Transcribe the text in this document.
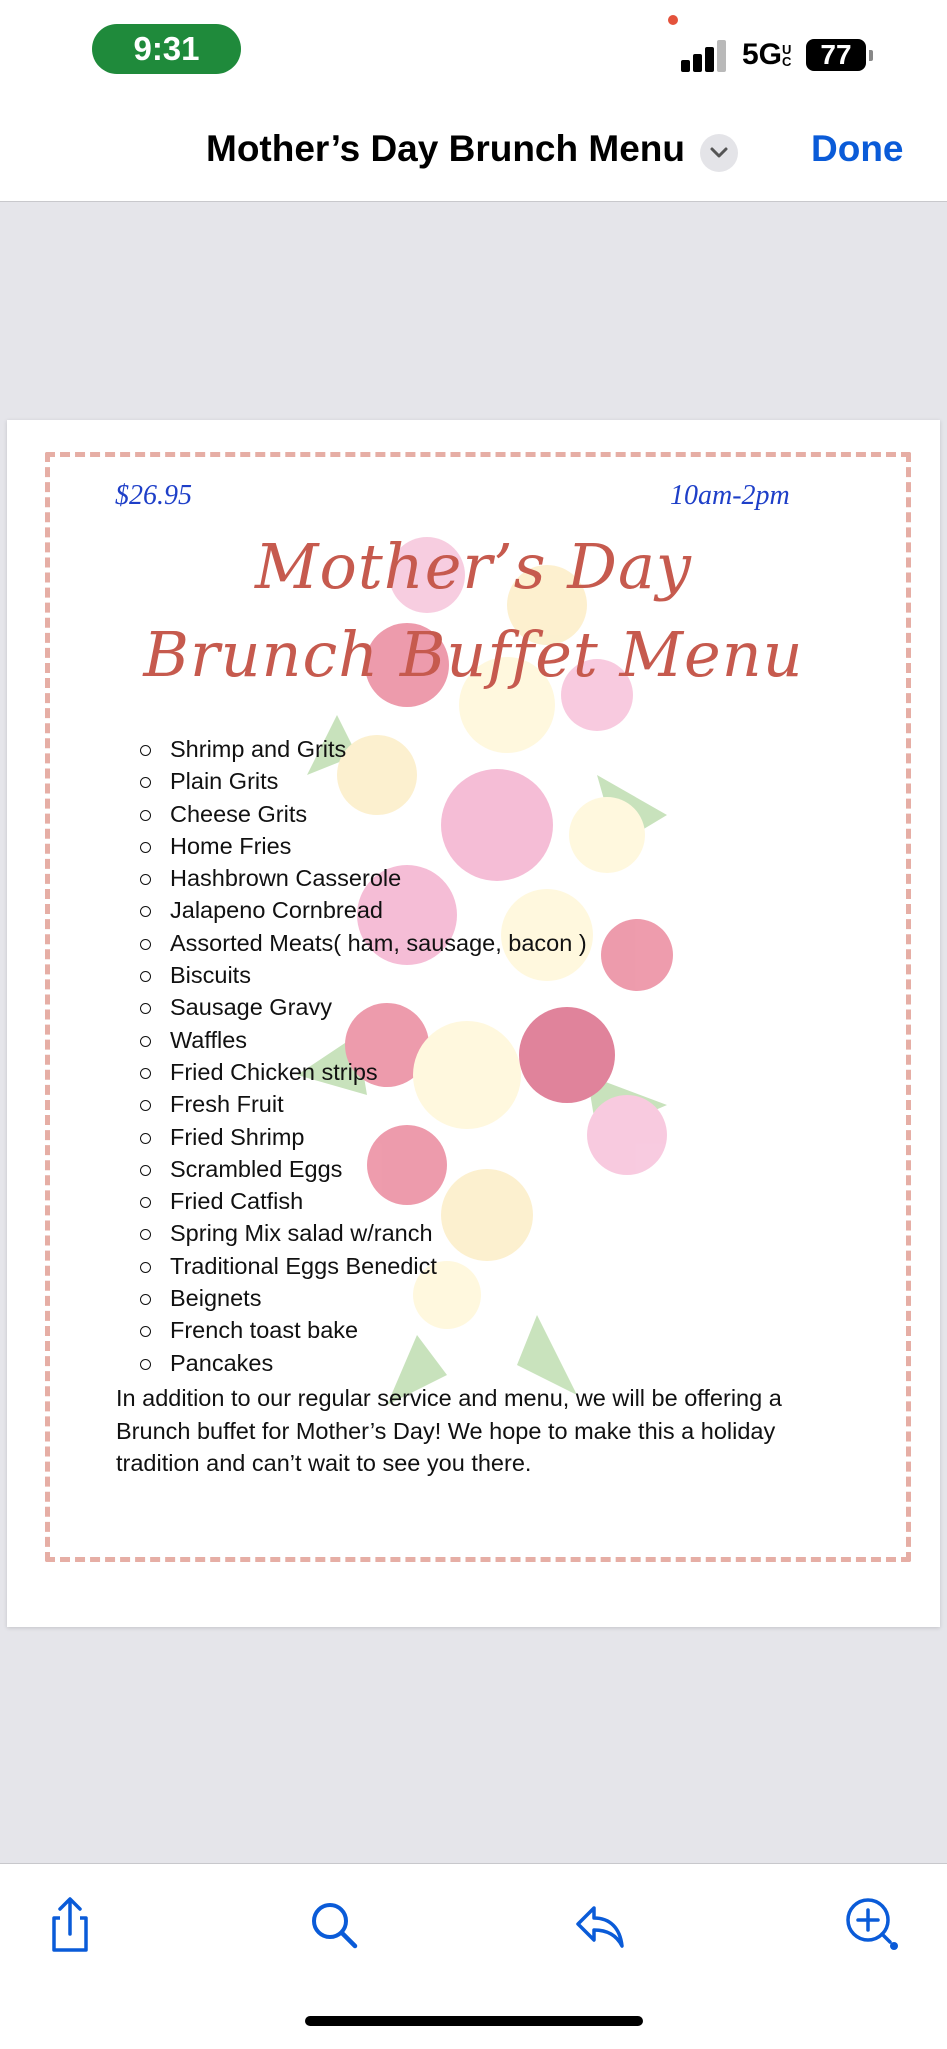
9:31	5GUC 77
Mother’s Day Brunch Menu	Done
$26.95	10am-2pm
Mother’s Day
Brunch Buffet Menu
Shrimp and Grits
Plain Grits
Cheese Grits
Home Fries
Hashbrown Casserole
Jalapeno Cornbread
Assorted Meats( ham, sausage, bacon )
Biscuits
Sausage Gravy
Waffles
Fried Chicken strips
Fresh Fruit
Fried Shrimp
Scrambled Eggs
Fried Catfish
Spring Mix salad w/ranch
Traditional Eggs Benedict
Beignets
French toast bake
Pancakes
In addition to our regular service and menu, we will be offering a Brunch buffet for Mother’s Day! We hope to make this a holiday tradition and can’t wait to see you there.
